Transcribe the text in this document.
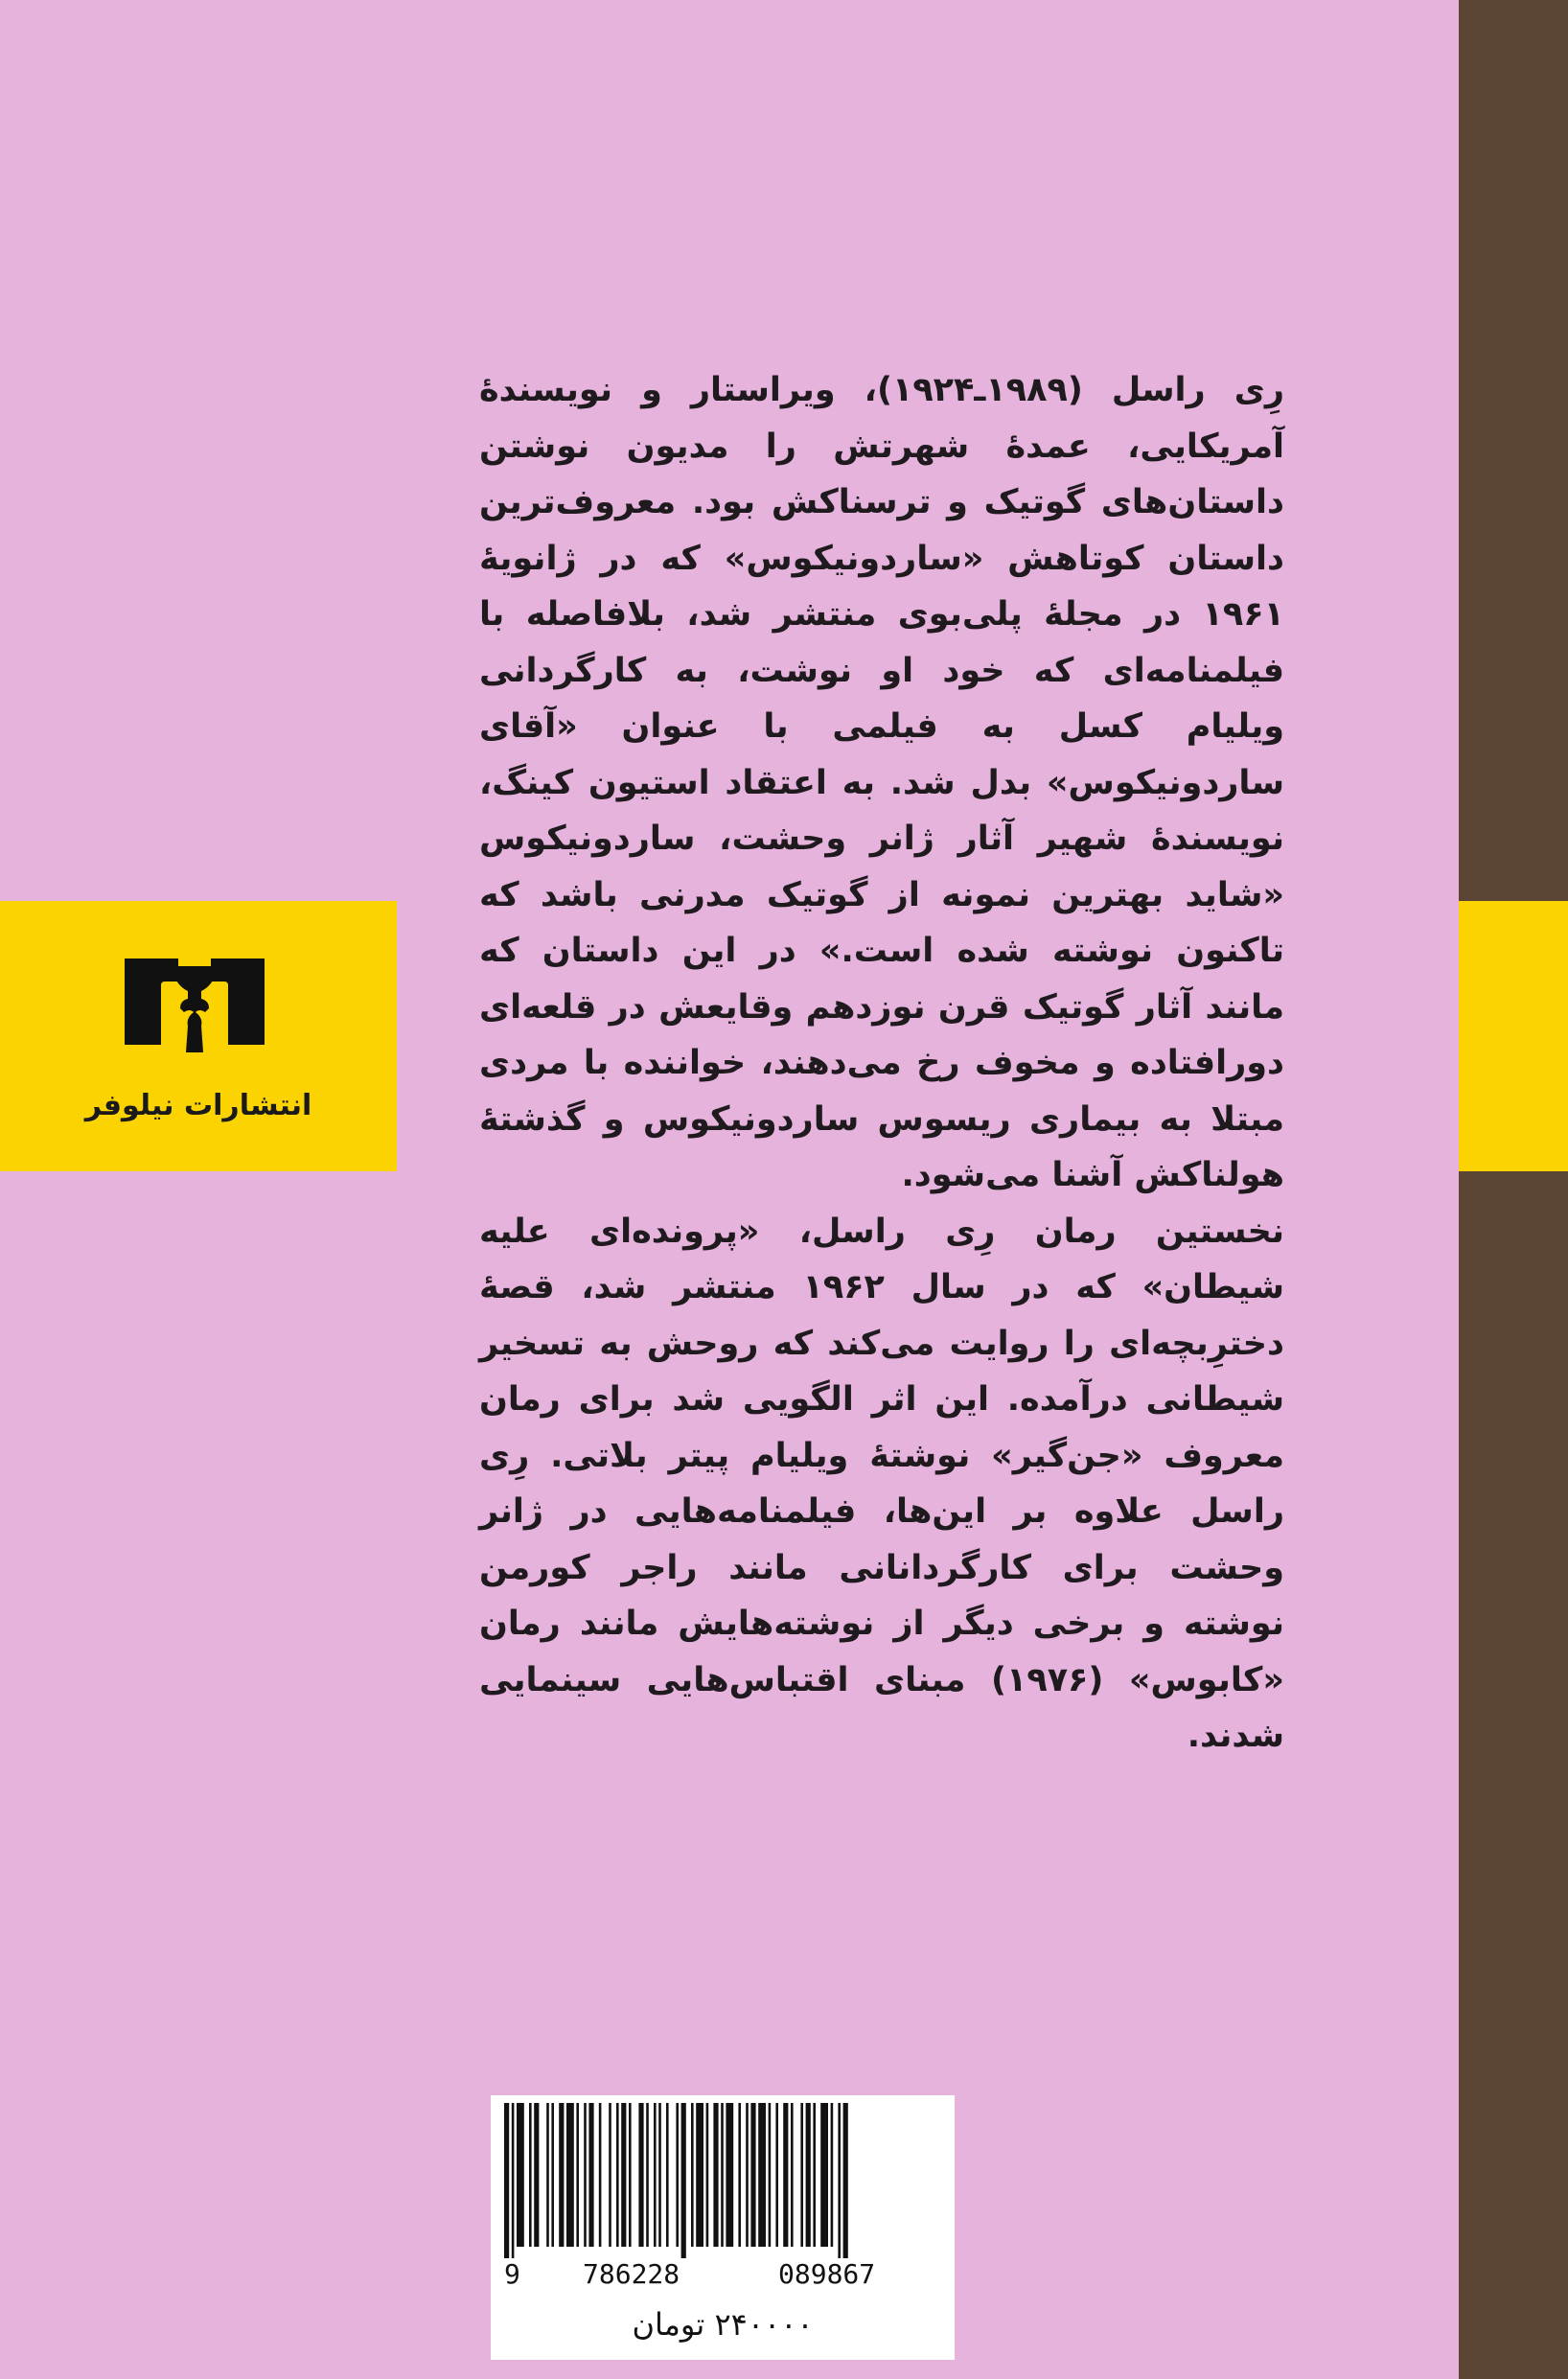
انتشارات نیلوفر

رِی راسل (۱۹۸۹ـ۱۹۲۴)، ویراستار و نویسندهٔ آمریکایی، عمدهٔ شهرتش را مدیون نوشتن داستان‌های گوتیک و ترسناکش بود. معروف‌ترین داستان کوتاهش «ساردونیکوس» که در ژانویهٔ ۱۹۶۱ در مجلهٔ پلی‌بوی منتشر شد، بلافاصله با فیلمنامه‌ای که خود او نوشت، به کارگردانی ویلیام کسل به فیلمی با عنوان «آقای ساردونیکوس» بدل شد. به اعتقاد استیون کینگ، نویسندهٔ شهیر آثار ژانر وحشت، ساردونیکوس «شاید بهترین نمونه از گوتیک مدرنی باشد که تاکنون نوشته شده است.» در این داستان که مانند آثار گوتیک قرن نوزدهم وقایعش در قلعه‌ای دورافتاده و مخوف رخ می‌دهند، خواننده با مردی مبتلا به بیماری ریسوس ساردونیکوس و گذشتهٔ هولناکش آشنا می‌شود.

نخستین رمان رِی راسل، «پرونده‌ای علیه شیطان» که در سال ۱۹۶۲ منتشر شد، قصهٔ دخترِبچه‌ای را روایت می‌کند که روحش به تسخیر شیطانی درآمده. این اثر الگویی شد برای رمان معروف «جن‌گیر» نوشتهٔ ویلیام پیتر بلاتی. رِی راسل علاوه بر این‌ها، فیلمنامه‌هایی در ژانر وحشت برای کارگردانانی مانند راجر کورمن نوشته و برخی دیگر از نوشته‌هایش مانند رمان «کابوس» (۱۹۷۶) مبنای اقتباس‌هایی سینمایی شدند.

9 786228	089867
۲۴۰۰۰۰ تومان
